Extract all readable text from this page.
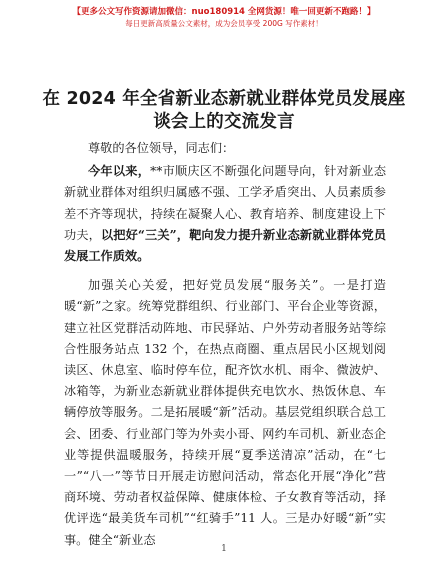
【更多公文写作资源请加微信：nuo180914 全网货源！唯一回更新不跑路！】
每日更新高质量公文素材，成为会员享受 200G 写作素材！
在 2024 年全省新业态新就业群体党员发展座谈会上的交流发言

尊敬的各位领导，同志们：

今年以来，**市顺庆区不断强化问题导向，针对新业态新就业群体对组织归属感不强、工学矛盾突出、人员素质参差不齐等现状，持续在凝聚人心、教育培养、制度建设上下功夫，以把好“三关”，靶向发力提升新业态新就业群体党员发展工作质效。

加强关心关爱，把好党员发展“服务关”。一是打造暖“新”之家。统筹党群组织、行业部门、平台企业等资源，建立社区党群活动阵地、市民驿站、户外劳动者服务站等综合性服务站点 132 个，在热点商圈、重点居民小区规划阅读区、休息室、临时停车位，配齐饮水机、雨伞、微波炉、冰箱等，为新业态新就业群体提供充电饮水、热饭休息、车辆停放等服务。二是拓展暖“新”活动。基层党组织联合总工会、团委、行业部门等为外卖小哥、网约车司机、新业态企业等提供温暖服务，持续开展“夏季送清凉”活动，在“七一”“八一”等节日开展走访慰问活动，常态化开展“净化”营商环境、劳动者权益保障、健康体检、子女教育等活动，择优评选“最美货车司机”“红骑手”11 人。三是办好暖“新”实事。健全“新业态

1
